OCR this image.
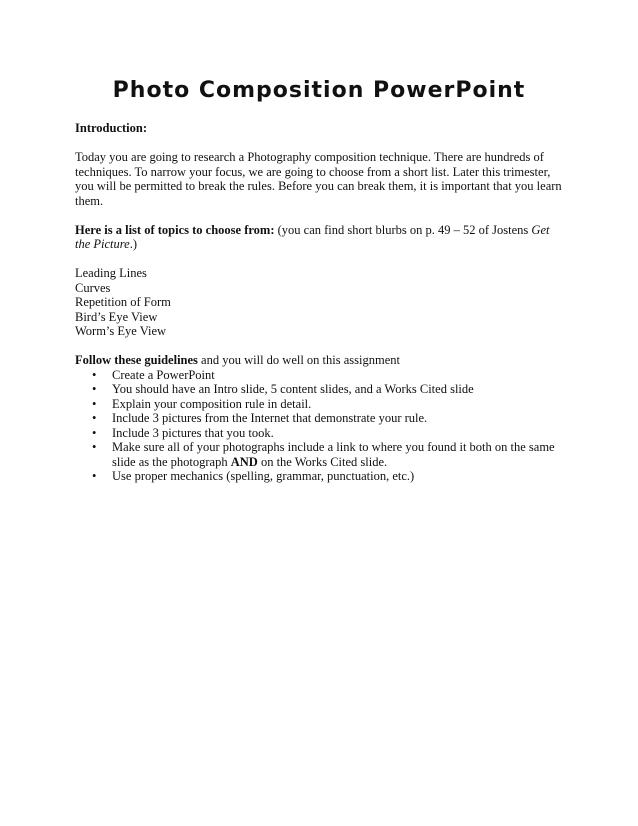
Photo Composition PowerPoint

Introduction:

Today you are going to research a Photography composition technique. There are hundreds of techniques. To narrow your focus, we are going to choose from a short list. Later this trimester, you will be permitted to break the rules. Before you can break them, it is important that you learn them.

Here is a list of topics to choose from: (you can find short blurbs on p. 49 – 52 of Jostens Get the Picture.)

Leading Lines

Curves

Repetition of Form

Bird’s Eye View

Worm’s Eye View

Follow these guidelines and you will do well on this assignment

• Create a PowerPoint
• You should have an Intro slide, 5 content slides, and a Works Cited slide
• Explain your composition rule in detail.
• Include 3 pictures from the Internet that demonstrate your rule.
• Include 3 pictures that you took.
• Make sure all of your photographs include a link to where you found it both on the same slide as the photograph AND on the Works Cited slide.
• Use proper mechanics (spelling, grammar, punctuation, etc.)
